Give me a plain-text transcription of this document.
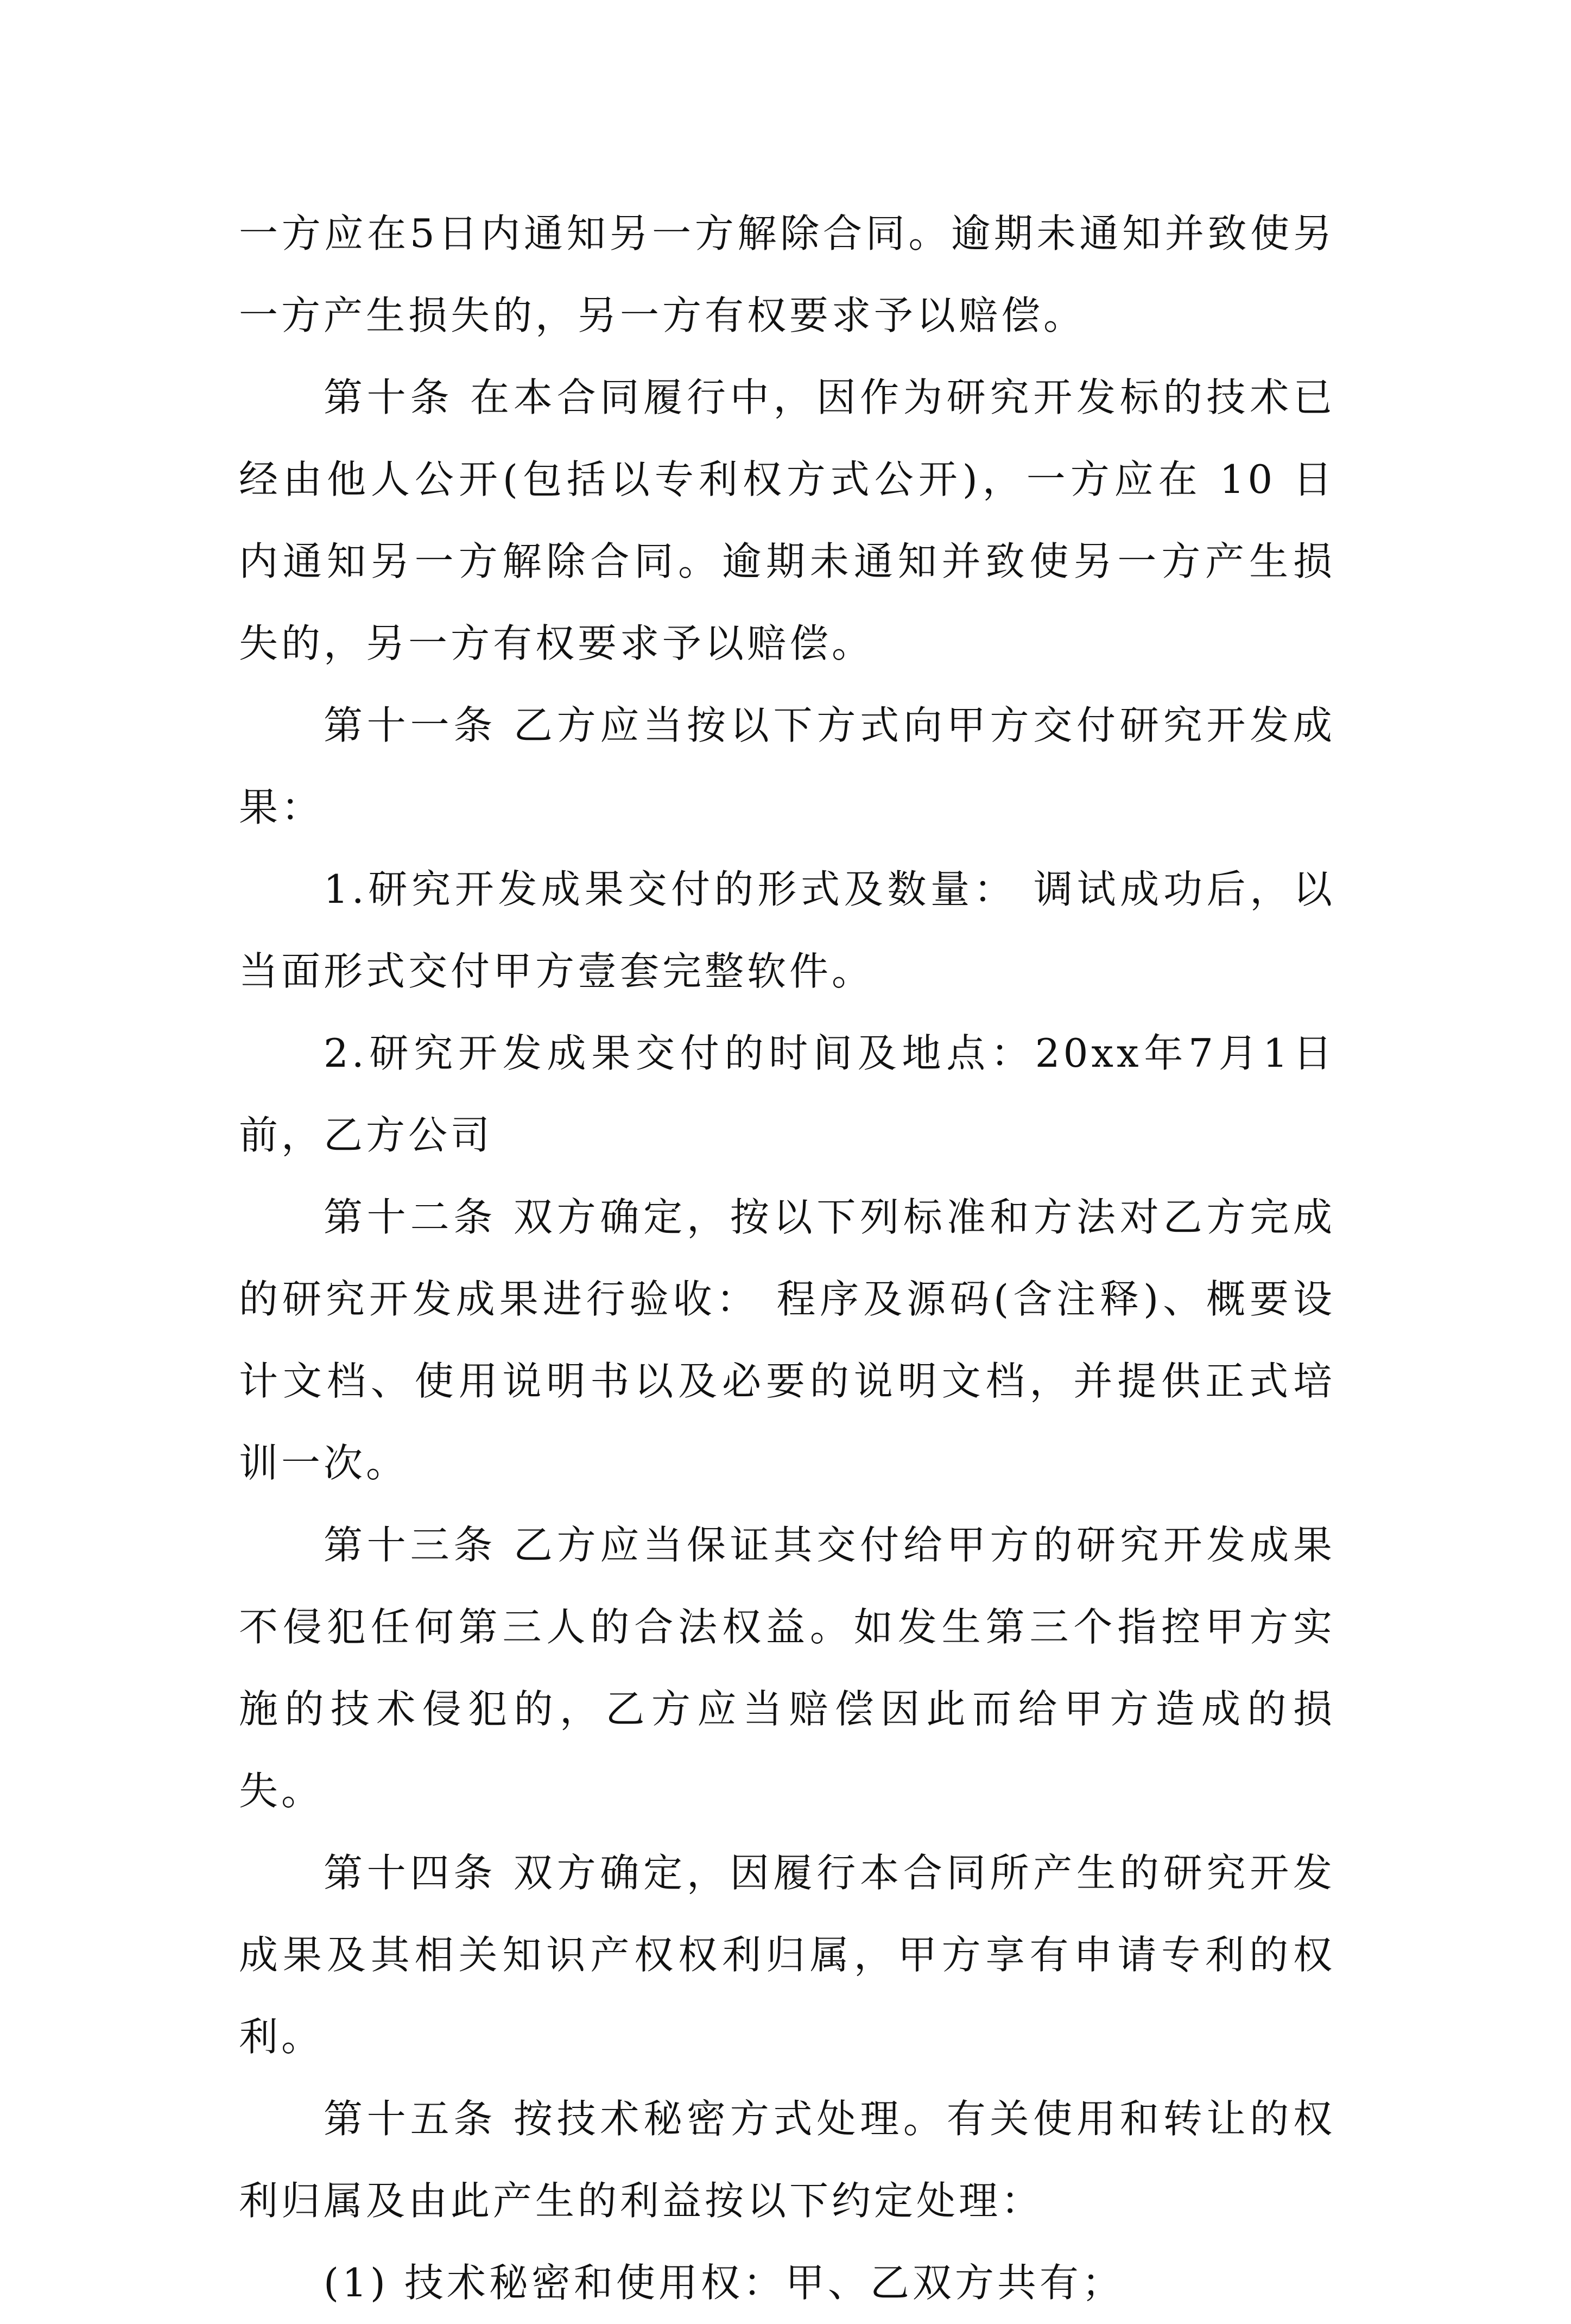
一方应在5日内通知另一方解除合同。逾期未通知并致使另一方产生损失的，另一方有权要求予以赔偿。

第十条 在本合同履行中，因作为研究开发标的技术已经由他人公开(包括以专利权方式公开)，一方应在 10 日内通知另一方解除合同。逾期未通知并致使另一方产生损失的，另一方有权要求予以赔偿。

第十一条 乙方应当按以下方式向甲方交付研究开发成果：

1.研究开发成果交付的形式及数量： 调试成功后，以当面形式交付甲方壹套完整软件。

2.研究开发成果交付的时间及地点：20xx年7月1日前，乙方公司

第十二条 双方确定，按以下列标准和方法对乙方完成的研究开发成果进行验收： 程序及源码(含注释)、概要设计文档、使用说明书以及必要的说明文档，并提供正式培训一次。

第十三条 乙方应当保证其交付给甲方的研究开发成果不侵犯任何第三人的合法权益。如发生第三个指控甲方实施的技术侵犯的，乙方应当赔偿因此而给甲方造成的损失。

第十四条 双方确定，因履行本合同所产生的研究开发成果及其相关知识产权权利归属，甲方享有申请专利的权利。

第十五条 按技术秘密方式处理。有关使用和转让的权利归属及由此产生的利益按以下约定处理：

(1) 技术秘密和使用权：甲、乙双方共有；
